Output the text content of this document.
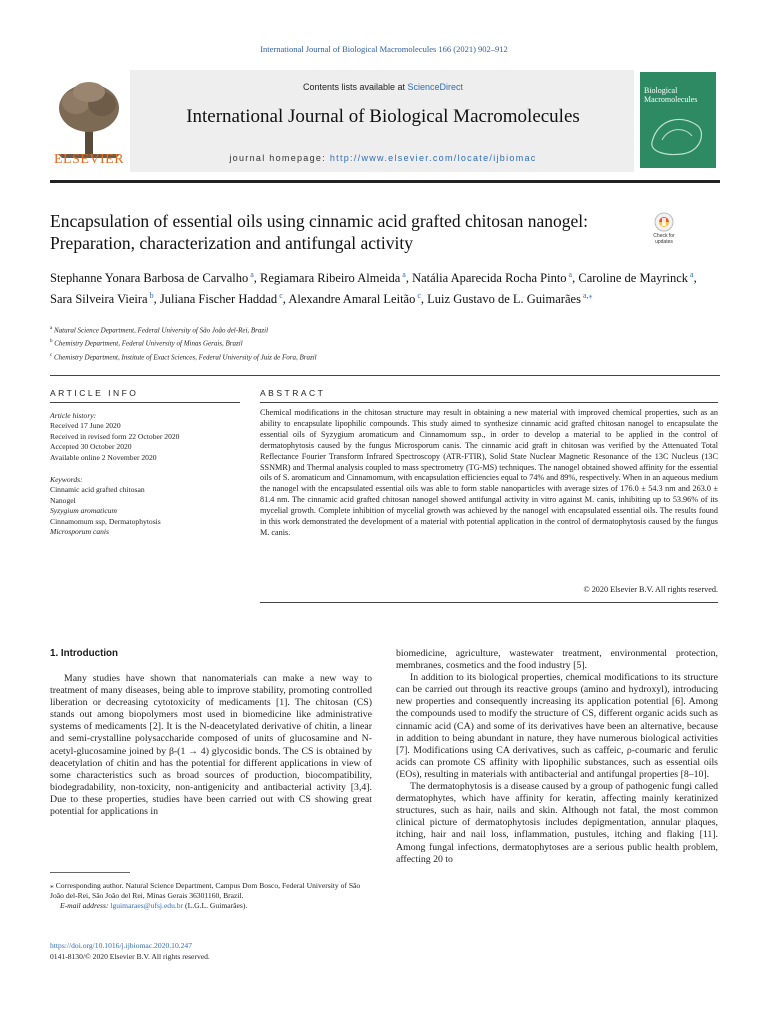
International Journal of Biological Macromolecules 166 (2021) 902–912
ELSEVIER
Contents lists available at ScienceDirect
International Journal of Biological Macromolecules
journal homepage: http://www.elsevier.com/locate/ijbiomac
Biological Macromolecules
Encapsulation of essential oils using cinnamic acid grafted chitosan nanogel: Preparation, characterization and antifungal activity	Check for updates
Stephanne Yonara Barbosa de Carvalho $^a$, Regiamara Ribeiro Almeida $^a$, Natália Aparecida Rocha Pinto $^a$, Caroline de Mayrinck $^a$, Sara Silveira Vieira $^b$, Juliana Fischer Haddad $^c$, Alexandre Amaral Leitão $^c$, Luiz Gustavo de L. Guimarães $^{a,⁎}$
$^a$ Natural Science Department, Federal University of São João del-Rei, Brazil
$^b$ Chemistry Department, Federal University of Minas Gerais, Brazil
$^c$ Chemistry Department, Institute of Exact Sciences, Federal University of Juiz de Fora, Brazil
ARTICLE INFO	ABSTRACT
Article history:
Received 17 June 2020
Received in revised form 22 October 2020
Accepted 30 October 2020
Available online 2 November 2020
Keywords:
Cinnamic acid grafted chitosan
Nanogel
Syzygium aromaticum
Cinnamomum ssp, Dermatophytosis
Microsporum canis
Chemical modifications in the chitosan structure may result in obtaining a new material with improved chemical properties, such as an ability to encapsulate lipophilic compounds. This study aimed to synthesize cinnamic acid grafted chitosan nanogel to encapsulate the essential oils of Syzygium aromaticum and Cinnamomum ssp., in order to develop a material to be applied in the control of dermatophytosis caused by the fungus Microsporum canis. The cinnamic acid graft in chitosan was verified by the Attenuated Total Reflectance Fourier Transform Infrared Spectroscopy (ATR-FTIR), Solid State Nuclear Magnetic Resonance of the 13C Nucleus (13C SSNMR) and Thermal analysis coupled to mass spectrometry (TG-MS) techniques. The nanogel obtained showed affinity for the essential oils of S. aromaticum and Cinnamomum, with encapsulation efficiencies equal to 74% and 89%, respectively. When in an aqueous medium the nanogel with the encapsulated essential oils was able to form stable nanoparticles with average sizes of 176.0 ± 54.3 nm and 263.0 ± 81.4 nm. The cinnamic acid grafted chitosan nanogel showed antifungal activity in vitro against M. canis, inhibiting up to 53.96% of its mycelial growth. Complete inhibition of mycelial growth was achieved by the nanogel with encapsulated essential oils. The results found in this work demonstrated the development of a material with potential application in the control of dermatophytosis caused by the fungus M. canis.
© 2020 Elsevier B.V. All rights reserved.
1. Introduction

Many studies have shown that nanomaterials can make a new way to treatment of many diseases, being able to improve stability, promoting controlled liberation or decreasing cytotoxicity of medicaments [1]. The chitosan (CS) stands out among biopolymers most used in biomedicine like administrative systems of medicaments [2]. It is the N-deacetylated derivative of chitin, a linear and semi-crystalline polysaccharide composed of units of glucosamine and N-acetyl-glucosamine joined by β-(1 → 4) glycosidic bonds. The CS is obtained by deacetylation of chitin and has the potential for different applications in view of some characteristics such as broad sources of production, biocompatibility, biodegradability, non-toxicity, non-antigenicity and antibacterial activity [3,4]. Due to these properties, studies have been carried out with CS showing great potential for applications in

biomedicine, agriculture, wastewater treatment, environmental protection, membranes, cosmetics and the food industry [5].

In addition to its biological properties, chemical modifications to its structure can be carried out through its reactive groups (amino and hydroxyl), introducing new properties and consequently increasing its application potential [6]. Among the compounds used to modify the structure of CS, different organic acids such as cinnamic acid (CA) and some of its derivatives have been an alternative, because in addition to being abundant in nature, they have numerous biological activities [7]. Modifications using CA derivatives, such as caffeic, ρ-coumaric and ferulic acids can promote CS affinity with lipophilic substances, such as essential oils (EOs), resulting in materials with antibacterial and antifungal properties [8–10].

The dermatophytosis is a disease caused by a group of pathogenic fungi called dermatophytes, which have affinity for keratin, affecting mainly keratinized structures, such as hair, nails and skin. Although not fatal, the most common clinical picture of dermatophytosis includes depigmentation, annular plaques, itching, hair and nail loss, inflammation, pustules, itching and flaking [11]. Among fungal infections, dermatophytoses are a serious public health problem, affecting 20 to

⁎ Corresponding author. Natural Science Department, Campus Dom Bosco, Federal University of São João del-Rei, São João del Rei, Minas Gerais 36301160, Brazil.
E-mail address: lguimaraes@ufsj.edu.br (L.G.L. Guimarães).
https://doi.org/10.1016/j.ijbiomac.2020.10.247
0141-8130/© 2020 Elsevier B.V. All rights reserved.
